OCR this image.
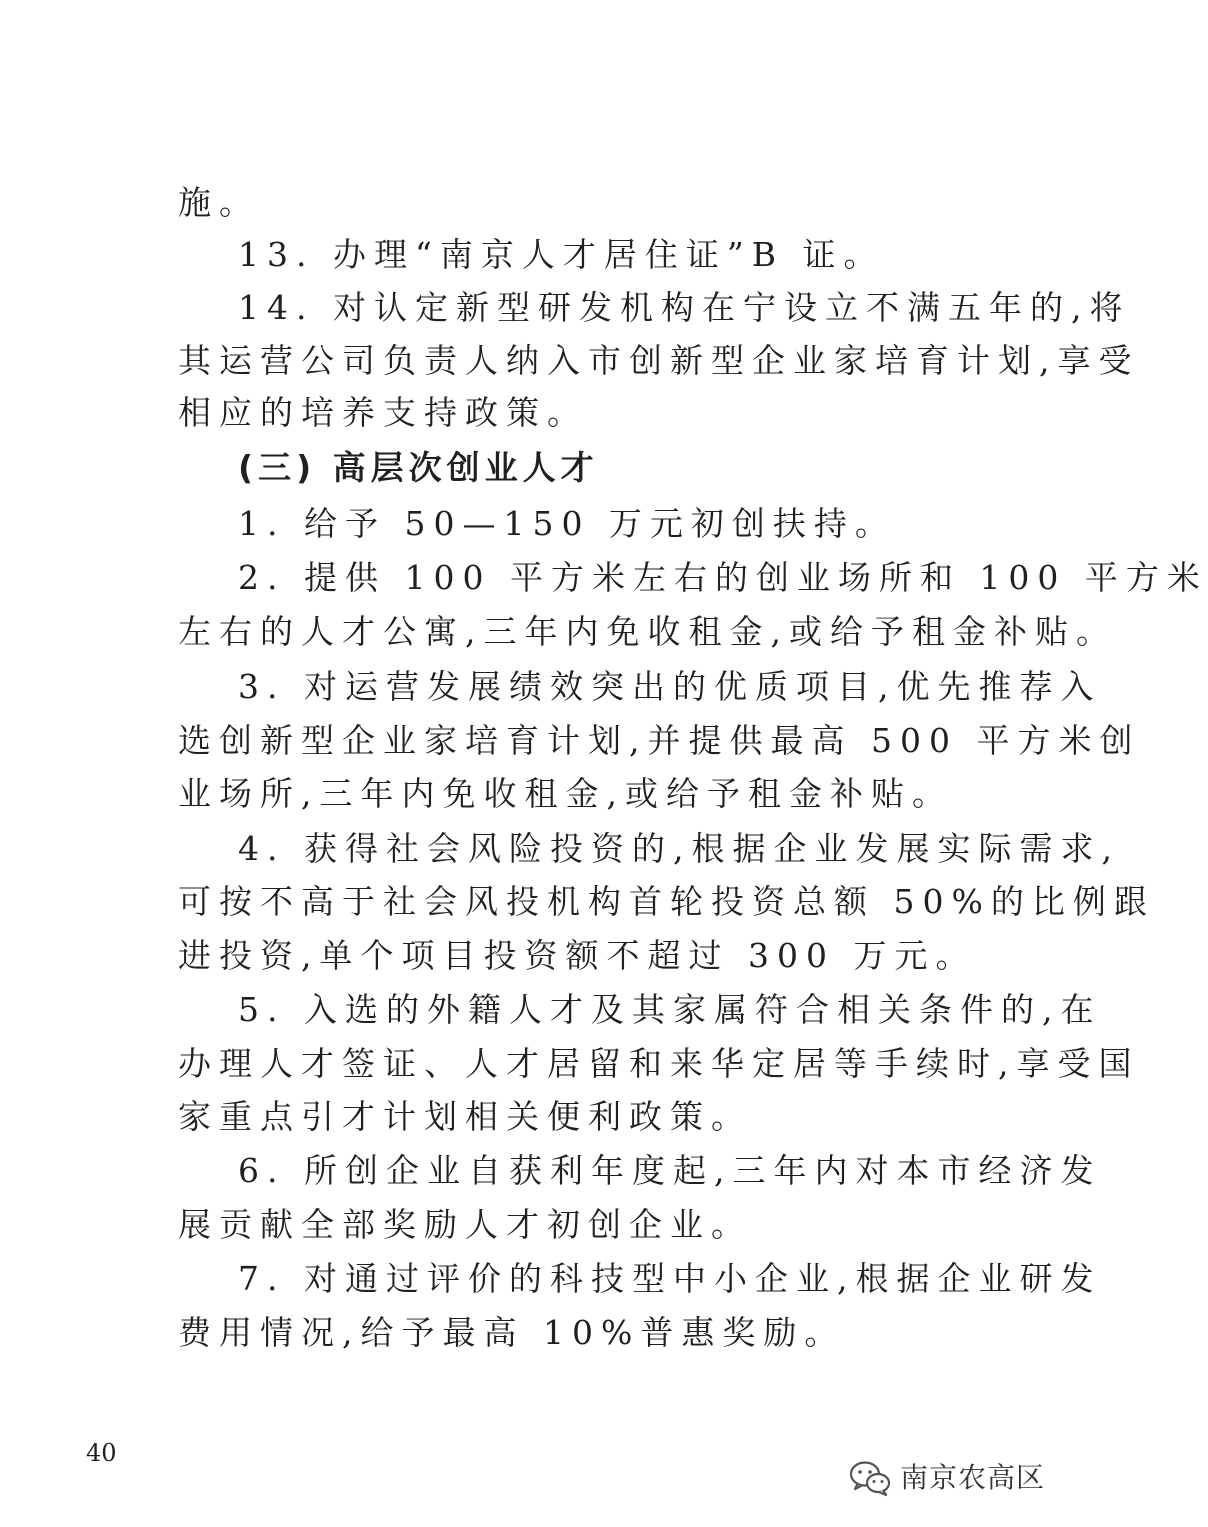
施。
13. 办理“南京人才居住证”B 证。
14. 对认定新型研发机构在宁设立不满五年的,将
其运营公司负责人纳入市创新型企业家培育计划,享受
相应的培养支持政策。
(三) 高层次创业人才
1. 给予 50—150 万元初创扶持。
2. 提供 100 平方米左右的创业场所和 100 平方米
左右的人才公寓,三年内免收租金,或给予租金补贴。
3. 对运营发展绩效突出的优质项目,优先推荐入
选创新型企业家培育计划,并提供最高 500 平方米创
业场所,三年内免收租金,或给予租金补贴。
4. 获得社会风险投资的,根据企业发展实际需求,
可按不高于社会风投机构首轮投资总额 50%的比例跟
进投资,单个项目投资额不超过 300 万元。
5. 入选的外籍人才及其家属符合相关条件的,在
办理人才签证、人才居留和来华定居等手续时,享受国
家重点引才计划相关便利政策。
6. 所创企业自获利年度起,三年内对本市经济发
展贡献全部奖励人才初创企业。
7. 对通过评价的科技型中小企业,根据企业研发
费用情况,给予最高 10%普惠奖励。
40
南京农高区
